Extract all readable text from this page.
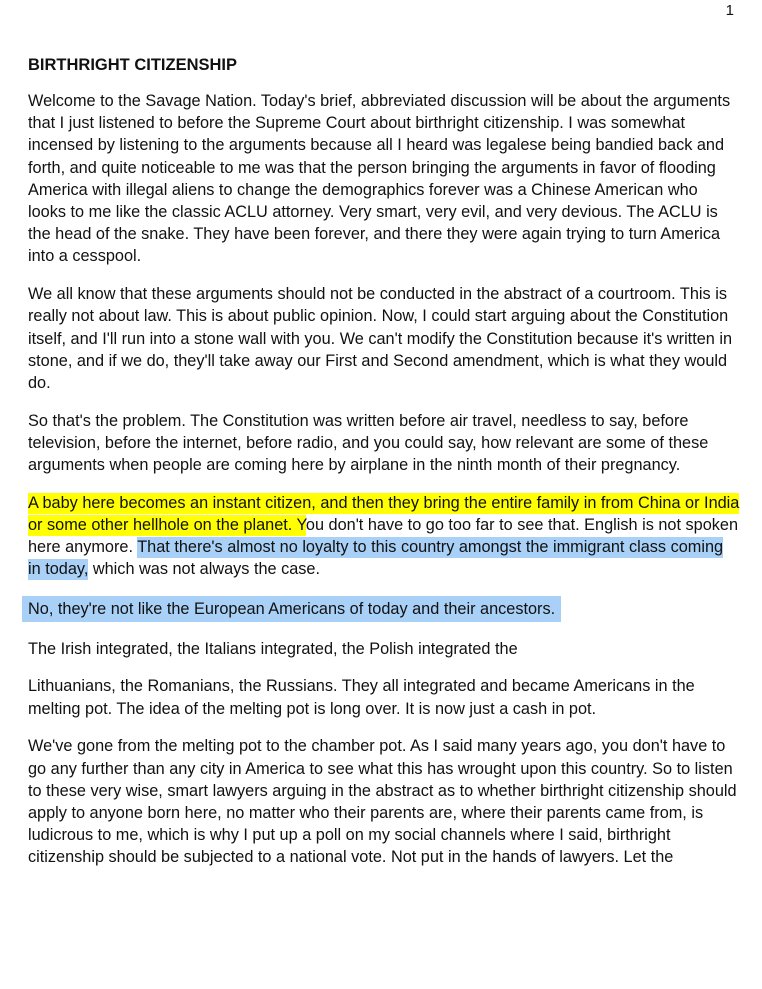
1
BIRTHRIGHT CITIZENSHIP

Welcome to the Savage Nation. Today's brief, abbreviated discussion will be about the arguments that I just listened to before the Supreme Court about birthright citizenship. I was somewhat incensed by listening to the arguments because all I heard was legalese being bandied back and forth, and quite noticeable to me was that the person bringing the arguments in favor of flooding America with illegal aliens to change the demographics forever was a Chinese American who looks to me like the classic ACLU attorney. Very smart, very evil, and very devious. The ACLU is the head of the snake. They have been forever, and there they were again trying to turn America into a cesspool.

We all know that these arguments should not be conducted in the abstract of a courtroom. This is really not about law. This is about public opinion. Now, I could start arguing about the Constitution itself, and I'll run into a stone wall with you. We can't modify the Constitution because it's written in stone, and if we do, they'll take away our First and Second amendment, which is what they would do.

So that's the problem. The Constitution was written before air travel, needless to say, before television, before the internet, before radio, and you could say, how relevant are some of these arguments when people are coming here by airplane in the ninth month of their pregnancy.

A baby here becomes an instant citizen, and then they bring the entire family in from China or India or some other hellhole on the planet. You don't have to go too far to see that. English is not spoken here anymore. That there's almost no loyalty to this country amongst the immigrant class coming in today, which was not always the case.

No, they're not like the European Americans of today and their ancestors.

The Irish integrated, the Italians integrated, the Polish integrated the

Lithuanians, the Romanians, the Russians. They all integrated and became Americans in the melting pot. The idea of the melting pot is long over. It is now just a cash in pot.

We've gone from the melting pot to the chamber pot. As I said many years ago, you don't have to go any further than any city in America to see what this has wrought upon this country. So to listen to these very wise, smart lawyers arguing in the abstract as to whether birthright citizenship should apply to anyone born here, no matter who their parents are, where their parents came from, is ludicrous to me, which is why I put up a poll on my social channels where I said, birthright citizenship should be subjected to a national vote. Not put in the hands of lawyers. Let the
